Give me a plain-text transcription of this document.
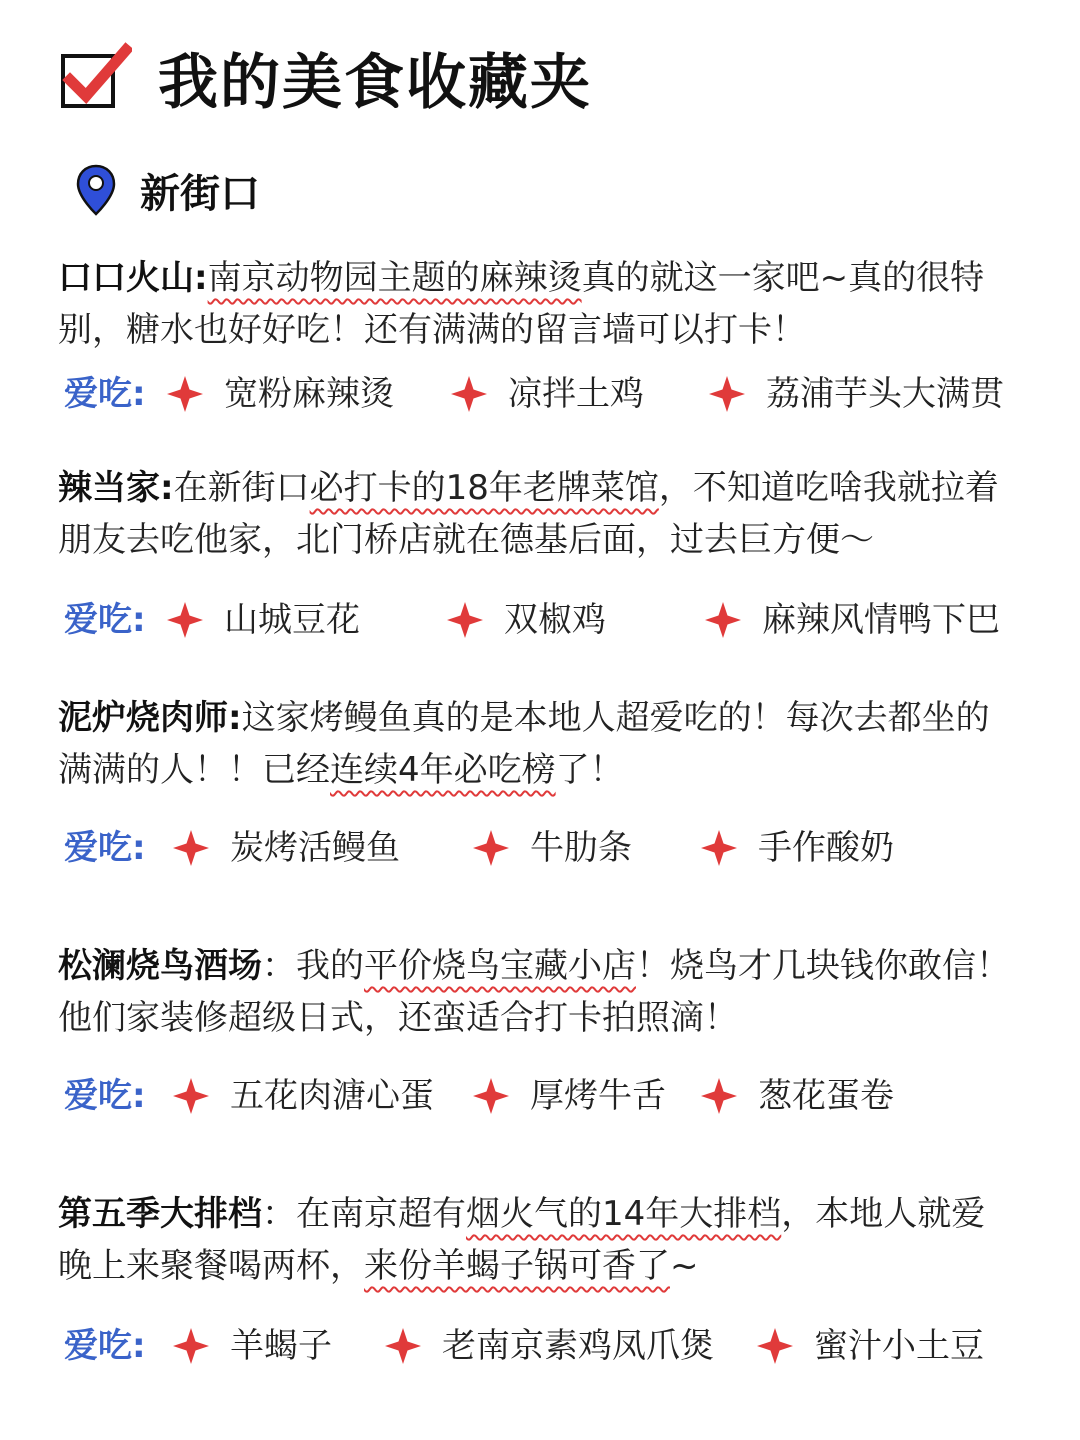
我的美食收藏夹
新街口

口口火山:南京动物园主题的麻辣烫真的就这一家吧~真的很特别，糖水也好好吃！还有满满的留言墙可以打卡！

爱吃: 宽粉麻辣烫	凉拌土鸡	荔浦芋头大满贯

辣当家:在新街口必打卡的18年老牌菜馆，不知道吃啥我就拉着朋友去吃他家，北门桥店就在德基后面，过去巨方便～

爱吃: 山城豆花	双椒鸡	麻辣风情鸭下巴

泥炉烧肉师:这家烤鳗鱼真的是本地人超爱吃的！每次去都坐的满满的人！！已经连续4年必吃榜了！

爱吃: 炭烤活鳗鱼	牛肋条	手作酸奶

松澜烧鸟酒场：我的平价烧鸟宝藏小店！烧鸟才几块钱你敢信！他们家装修超级日式，还蛮适合打卡拍照滴！

爱吃: 五花肉溏心蛋	厚烤牛舌	葱花蛋卷

第五季大排档：在南京超有烟火气的14年大排档，本地人就爱晚上来聚餐喝两杯，来份羊蝎子锅可香了~

爱吃: 羊蝎子	老南京素鸡凤爪煲	蜜汁小土豆
